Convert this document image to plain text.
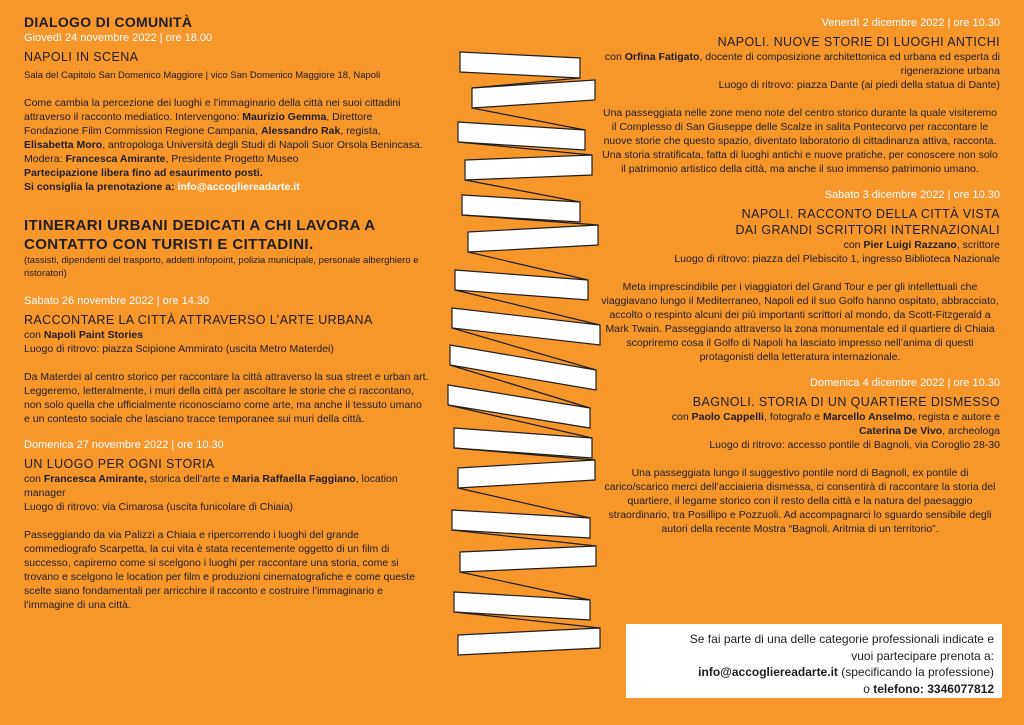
DIALOGO DI COMUNITÀ
Giovedì 24 novembre 2022 | ore 18.00
NAPOLI IN SCENA
Sala del Capitolo San Domenico Maggiore | vico San Domenico Maggiore 18, Napoli
Come cambia la percezione dei luoghi e l’immaginario della città nei suoi cittadini attraverso il racconto mediatico. Intervengono: Maurizio Gemma, Direttore Fondazione Film Commission Regione Campania, Alessandro Rak, regista, Elisabetta Moro, antropologa Università degli Studi di Napoli Suor Orsola Benincasa.
Modera: Francesca Amirante, Presidente Progetto Museo
Partecipazione libera fino ad esaurimento posti.
Si consiglia la prenotazione a: info@accogliereadarte.it
ITINERARI URBANI DEDICATI A CHI LAVORA A
CONTATTO CON TURISTI E CITTADINI.
(tassisti, dipendenti del trasporto, addetti infopoint, polizia municipale, personale alberghiero e ristoratori)
Sabato 26 novembre 2022 | ore 14.30
RACCONTARE LA CITTÀ ATTRAVERSO L’ARTE URBANA
con Napoli Paint Stories
Luogo di ritrovo: piazza Scipione Ammirato (uscita Metro Materdei)
Da Materdei al centro storico per raccontare la città attraverso la sua street e urban art.
Leggeremo, letteralmente, i muri della città per ascoltare le storie che ci raccontano, non solo quella che ufficialmente riconosciamo come arte, ma anche il tessuto umano e un contesto sociale che lasciano tracce temporanee sui muri della città.
Domenica 27 novembre 2022 | ore 10.30
UN LUOGO PER OGNI STORIA
con Francesca Amirante, storica dell’arte e Maria Raffaella Faggiano, location manager
Luogo di ritrovo: via Cimarosa (uscita funicolare di Chiaia)
Passeggiando da via Palizzi a Chiaia e ripercorrendo i luoghi del grande commediografo Scarpetta, la cui vita è stata recentemente oggetto di un film di successo, capiremo come si scelgono i luoghi per raccontare una storia, come si trovano e scelgono le location per film e produzioni cinematografiche e come queste scelte siano fondamentali per arricchire il racconto e costruire l’immaginario e l’immagine di una città.
Venerdì 2 dicembre 2022 | ore 10.30
NAPOLI. NUOVE STORIE DI LUOGHI ANTICHI
con Orfina Fatigato, docente di composizione architettonica ed urbana ed esperta di rigenerazione urbana
Luogo di ritrovo: piazza Dante (ai piedi della statua di Dante)
Una passeggiata nelle zone meno note del centro storico durante la quale visiteremo il Complesso di San Giuseppe delle Scalze in salita Pontecorvo per raccontare le nuove storie che questo spazio, diventato laboratorio di cittadinanza attiva, racconta. Una storia stratificata, fatta di luoghi antichi e nuove pratiche, per conoscere non solo il patrimonio artistico della città, ma anche il suo immenso patrimonio umano.
Sabato 3 dicembre 2022 | ore 10.30
NAPOLI. RACCONTO DELLA CITTÀ VISTA
DAI GRANDI SCRITTORI INTERNAZIONALI
con Pier Luigi Razzano, scrittore
Luogo di ritrovo: piazza del Plebiscito 1, ingresso Biblioteca Nazionale
Meta imprescindibile per i viaggiatori del Grand Tour e per gli intellettuali che viaggiavano lungo il Mediterraneo, Napoli ed il suo Golfo hanno ospitato, abbracciato, accolto o respinto alcuni dei più importanti scrittori al mondo, da Scott-Fitzgerald a Mark Twain. Passeggiando attraverso la zona monumentale ed il quartiere di Chiaia scopriremo cosa il Golfo di Napoli ha lasciato impresso nell’anima di questi protagonisti della letteratura internazionale.
Domenica 4 dicembre 2022 | ore 10.30
BAGNOLI. STORIA DI UN QUARTIERE DISMESSO
con Paolo Cappelli, fotografo e Marcello Anselmo, regista e autore e
Caterina De Vivo, archeologa
Luogo di ritrovo: accesso pontile di Bagnoli, via Coroglio 28-30
Una passeggiata lungo il suggestivo pontile nord di Bagnoli, ex pontile di carico/scarico merci dell’acciaieria dismessa, ci consentirà di raccontare la storia del quartiere, il legame storico con il resto della città e la natura del paesaggio straordinario, tra Posillipo e Pozzuoli. Ad accompagnarci lo sguardo sensibile degli autori della recente Mostra “Bagnoli. Aritmia di un territorio”.
Se fai parte di una delle categorie professionali indicate e
vuoi partecipare prenota a:
info@accogliereadarte.it (specificando la professione)
o telefono: 3346077812
